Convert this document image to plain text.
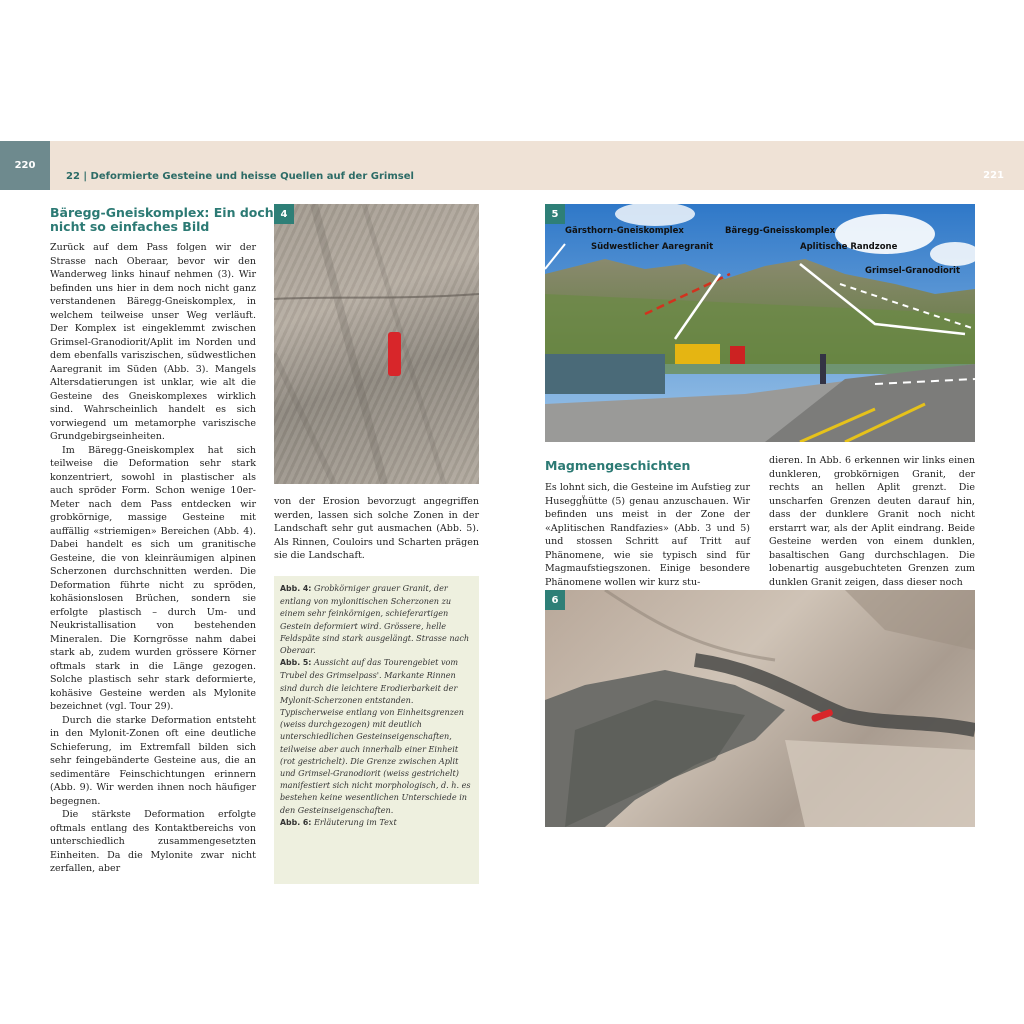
220
22 | Deformierte Gesteine und heisse Quellen auf der Grimsel	221
Bäregg-Gneiskomplex: Ein doch
nicht so einfaches Bild

Zurück auf dem Pass folgen wir der Strasse nach Oberaar, bevor wir den Wanderweg links hinauf nehmen (3). Wir befinden uns hier in dem noch nicht ganz verstandenen Bäregg-Gneiskomplex, in welchem teilweise unser Weg verläuft. Der Komplex ist eingeklemmt zwischen Grimsel-Granodiorit/Aplit im Norden und dem ebenfalls variszischen, südwestlichen Aaregranit im Süden (Abb. 3). Mangels Altersdatierungen ist unklar, wie alt die Gesteine des Gneiskomplexes wirklich sind. Wahrscheinlich handelt es sich vorwiegend um metamorphe variszische Grundgebirgseinheiten.

Im Bäregg-Gneiskomplex hat sich teilweise die Deformation sehr stark konzentriert, sowohl in plastischer als auch spröder Form. Schon wenige 10er-Meter nach dem Pass entdecken wir grobkörnige, massige Gesteine mit auffällig «striemigen» Bereichen (Abb. 4). Dabei handelt es sich um granitische Gesteine, die von kleinräumigen alpinen Scherzonen durchschnitten werden. Die Deformation führte nicht zu spröden, kohäsionslosen Brüchen, sondern sie erfolgte plastisch – durch Um- und Neukristallisation von bestehenden Mineralen. Die Korngrösse nahm dabei stark ab, zudem wurden grössere Körner oftmals stark in die Länge gezogen. Solche plastisch sehr stark deformierte, kohäsive Gesteine werden als Mylonite bezeichnet (vgl. Tour 29).

Durch die starke Deformation entsteht in den Mylonit-Zonen oft eine deutliche Schieferung, im Extremfall bilden sich sehr feingebänderte Gesteine aus, die an sedimentäre Feinschichtungen erinnern (Abb. 9). Wir werden ihnen noch häufiger begegnen.

Die stärkste Deformation erfolgte oftmals entlang des Kontaktbereichs von unterschiedlich zusammengesetzten Einheiten. Da die Mylonite zwar nicht zerfallen, aber

4

von der Erosion bevorzugt angegriffen werden, lassen sich solche Zonen in der Landschaft sehr gut ausmachen (Abb. 5). Als Rinnen, Couloirs und Scharten prägen sie die Landschaft.

Abb. 4: Grobkörniger grauer Granit, der entlang von mylonitischen Scherzonen zu einem sehr feinkörnigen, schieferartigen Gestein deformiert wird. Grössere, helle Feldspäte sind stark ausgelängt. Strasse nach Oberaar.
Abb. 5: Aussicht auf das Tourengebiet vom Trubel des Grimselpass'. Markante Rinnen sind durch die leichtere Erodierbarkeit der Mylonit-Scherzonen entstanden. Typischerweise entlang von Einheitsgrenzen (weiss durchgezogen) mit deutlich unterschiedlichen Gesteinseigenschaften, teilweise aber auch innerhalb einer Einheit (rot gestrichelt). Die Grenze zwischen Aplit und Grimsel-Granodiorit (weiss gestrichelt) manifestiert sich nicht morphologisch, d. h. es bestehen keine wesentlichen Unterschiede in den Gesteinseigenschaften.
Abb. 6: Erläuterung im Text
5
Gärsthorn-Gneiskomplex
Südwestlicher Aaregranit
Bäregg-Gneisskomplex
Aplitische Randzone
Grimsel-Granodiorit
Magmengeschichten

Es lohnt sich, die Gesteine im Aufstieg zur Huseggḧütte (5) genau anzuschauen. Wir befinden uns meist in der Zone der «Aplitischen Randfazies» (Abb. 3 und 5) und stossen Schritt auf Tritt auf Phänomene, wie sie typisch sind für Magmaufstiegszonen. Einige besondere Phänomene wollen wir kurz stu-

dieren. In Abb. 6 erkennen wir links einen dunkleren, grobkörnigen Granit, der rechts an hellen Aplit grenzt. Die unscharfen Grenzen deuten darauf hin, dass der dunklere Granit noch nicht erstarrt war, als der Aplit eindrang. Beide Gesteine werden von einem dunklen, basaltischen Gang durchschlagen. Die lobenartig ausgebuchteten Grenzen zum dunklen Granit zeigen, dass dieser noch

6
